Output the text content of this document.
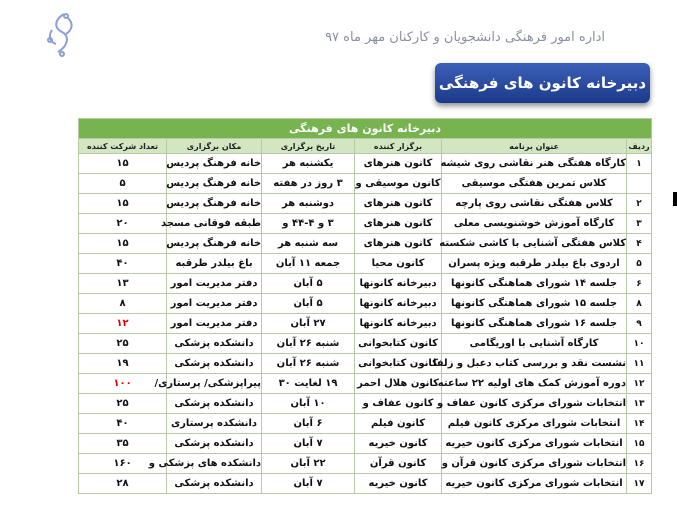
اداره امور فرهنگی دانشجویان و کارکنان مهر ماه ۹۷
دبیرخانه کانون های فرهنگی
دبیرخانه کانون های فرهنگی					
ردیف	عنوان برنامه	برگزار کننده	تاریخ برگزاری	مکان برگزاری	تعداد شرکت کننده
۱	کارگاه هفتگی هنر نقاشی روی شیشه	کانون هنرهای	یکشنبه هر	خانه فرهنگ پردیس	۱۵
	کلاس تمرین هفتگی موسیقی	کانون موسیقی و	۳ روز در هفته	خانه فرهنگ پردیس	۵
۲	کلاس هفتگی نقاشی روی پارچه	کانون هنرهای	دوشنبه هر	خانه فرهنگ پردیس	۱۵
۳	کارگاه آموزش خوشنویسی معلی	کانون هنرهای	۳ و ۴-۴۴ و	طبقه فوقانی مسجد	۲۰
۴	کلاس هفتگی آشنایی با کاشی شکسته	کانون هنرهای	سه شنبه هر	خانه فرهنگ پردیس	۱۵
۵	اردوی باغ بیلدر طرقبه ویژه پسران	کانون محیا	جمعه ۱۱ آبان	باغ بیلدر طرقبه	۴۰
۶	جلسه ۱۴ شورای هماهنگی کانونها	دبیرخانه کانونها	۵ آبان	دفتر مدیریت امور	۱۳
۸	جلسه ۱۵ شورای هماهنگی کانونها	دبیرخانه کانونها	۵ آبان	دفتر مدیریت امور	۸
۹	جلسه ۱۶ شورای هماهنگی کانونها	دبیرخانه کانونها	۲۷ آبان	دفتر مدیریت امور	۱۲
۱۰	کارگاه آشنایی با اوریگامی	کانون کتابخوانی	شنبه ۲۶ آبان	دانشکده پزشکی	۲۵
۱۱	نشست نقد و بررسی کتاب دعبل و زلفا	کانون کتابخوانی	شنبه ۲۶ آبان	دانشکده پزشکی	۱۹
۱۲	دوره آموزش کمک های اولیه ۲۲ ساعته	کانون هلال احمر	۱۹ لغایت ۳۰	پیراپزشکی/ پرستاری/	۱۰۰
۱۳	انتخابات شورای مرکزی کانون عفاف و	کانون عفاف و	۱۰ آبان	دانشکده پزشکی	۲۵
۱۴	انتخابات شورای مرکزی کانون فیلم	کانون فیلم	۶ آبان	دانشکده پرستاری	۴۰
۱۵	انتخابات شورای مرکزی کانون خیریه	کانون خیریه	۷ آبان	دانشکده پزشکی	۳۵
۱۶	انتخابات شورای مرکزی کانون قرآن و	کانون قرآن	۲۲ آبان	دانشکده های پزشکی و	۱۶۰
۱۷	انتخابات شورای مرکزی کانون خیریه	کانون خیریه	۷ آبان	دانشکده پزشکی	۲۸
